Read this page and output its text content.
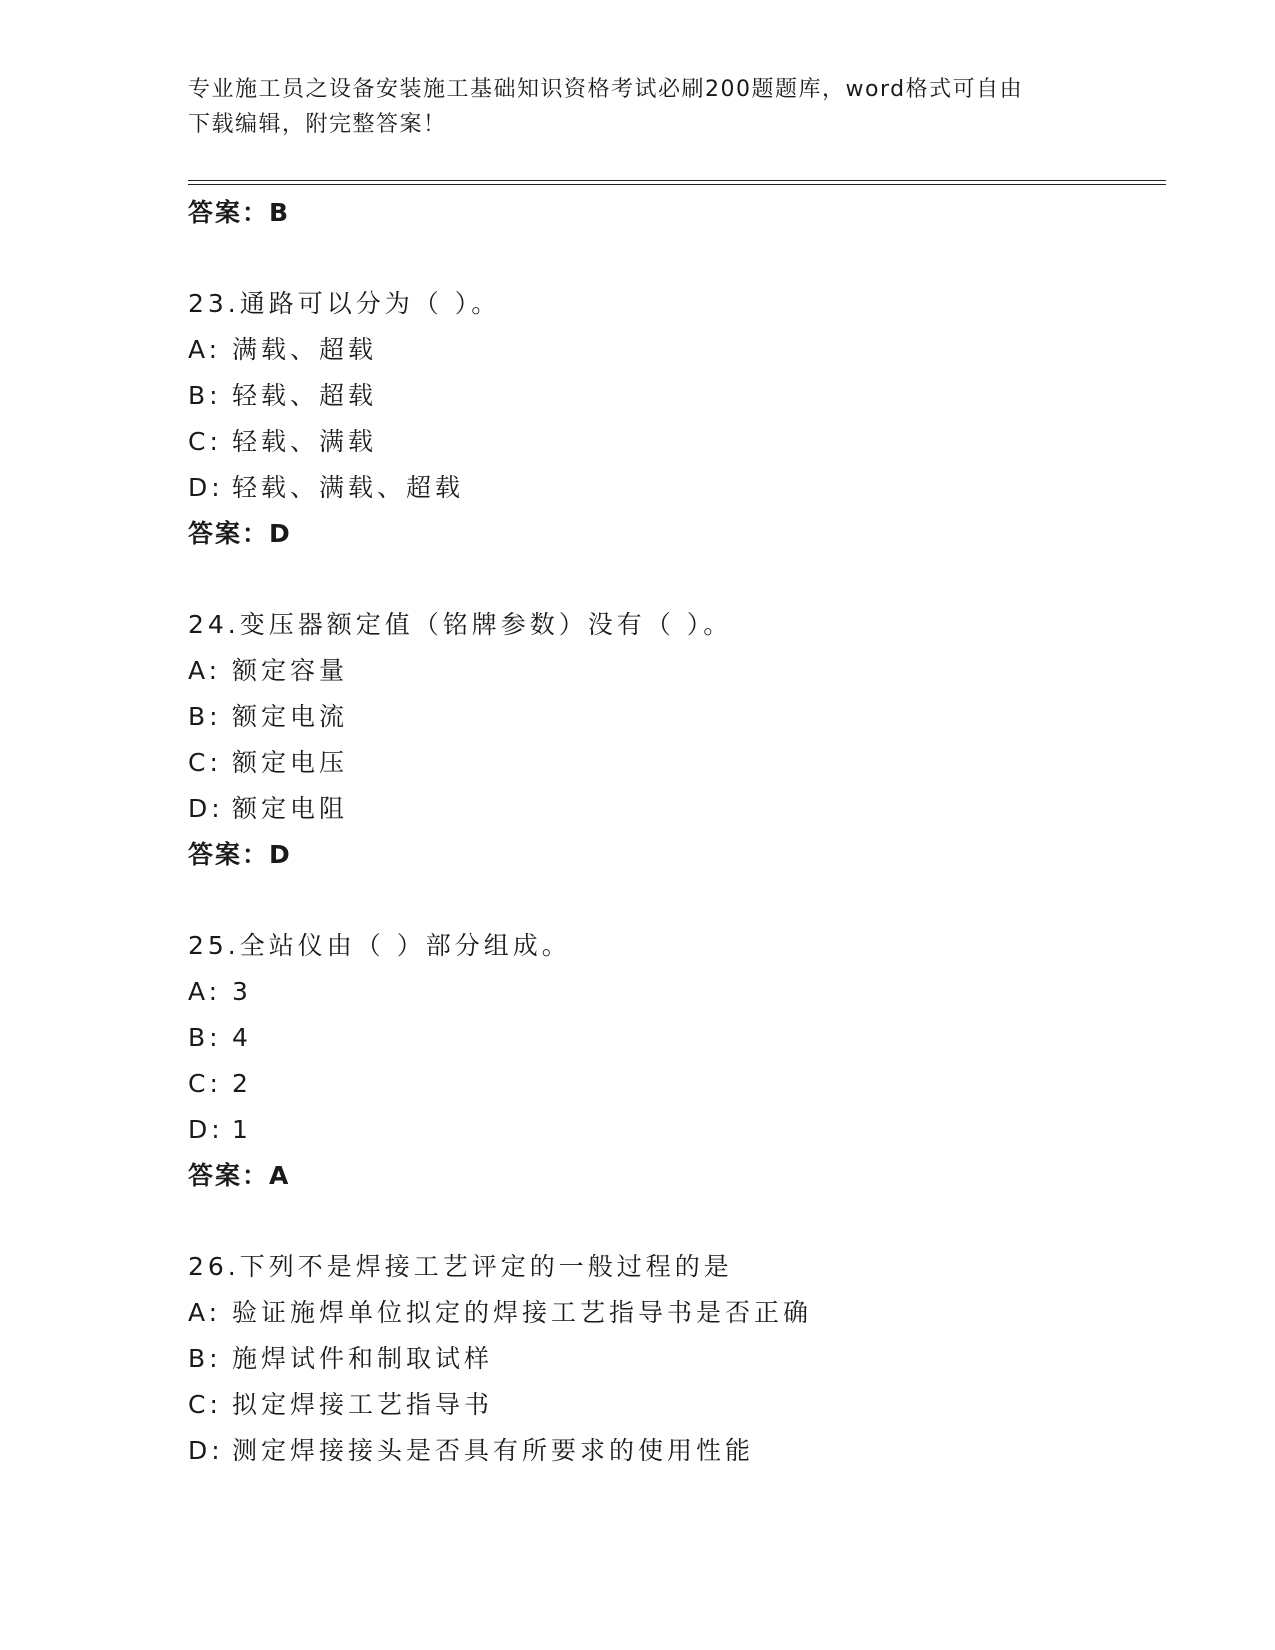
专业施工员之设备安装施工基础知识资格考试必刷200题题库，word格式可自由
下载编辑，附完整答案！
答案：B
23.通路可以分为（ ）。
A: 满载、超载
B: 轻载、超载
C: 轻载、满载
D: 轻载、满载、超载
答案：D
24.变压器额定值（铭牌参数）没有（ ）。
A: 额定容量
B: 额定电流
C: 额定电压
D: 额定电阻
答案：D
25.全站仪由（ ）部分组成。
A: 3
B: 4
C: 2
D: 1
答案：A
26.下列不是焊接工艺评定的一般过程的是
A: 验证施焊单位拟定的焊接工艺指导书是否正确
B: 施焊试件和制取试样
C: 拟定焊接工艺指导书
D: 测定焊接接头是否具有所要求的使用性能
